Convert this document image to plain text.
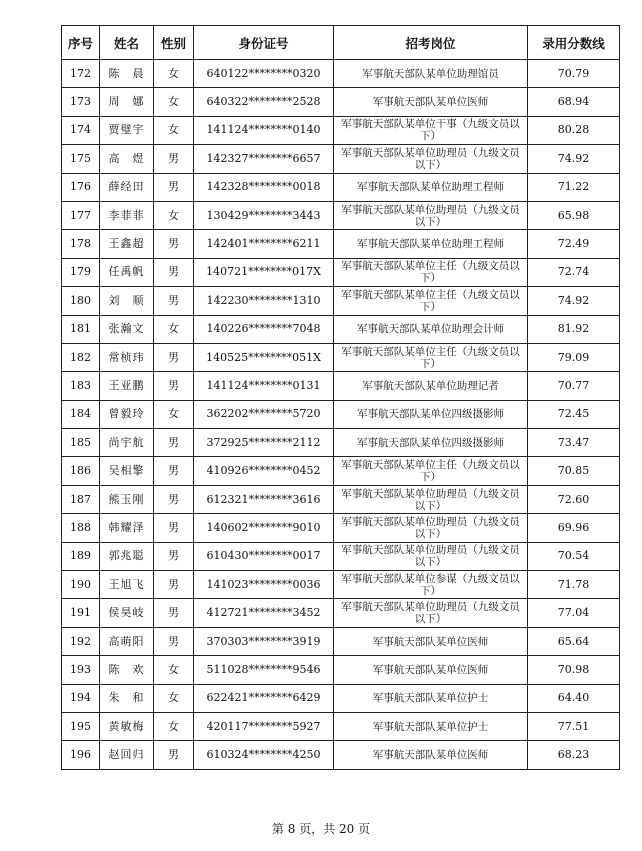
序号	姓名	性别	身份证号	招考岗位	录用分数线
172	陈　晨	女	640122********0320	军事航天部队某单位助理馆员	70.79
173	周　娜	女	640322********2528	军事航天部队某单位医师	68.94
174	贾璧宇	女	141124********0140	军事航天部队某单位干事（九级文员以下）	80.28
175	高　煜	男	142327********6657	军事航天部队某单位助理员（九级文员以下）	74.92
176	薛经田	男	142328********0018	军事航天部队某单位助理工程师	71.22
177	李菲菲	女	130429********3443	军事航天部队某单位助理员（九级文员以下）	65.98
178	王鑫超	男	142401********6211	军事航天部队某单位助理工程师	72.49
179	任禹帆	男	140721********017X	军事航天部队某单位主任（九级文员以下）	72.74
180	刘　顺	男	142230********1310	军事航天部队某单位主任（九级文员以下）	74.92
181	张瀚文	女	140226********7048	军事航天部队某单位助理会计师	81.92
182	常桢玮	男	140525********051X	军事航天部队某单位主任（九级文员以下）	79.09
183	王亚鹏	男	141124********0131	军事航天部队某单位助理记者	70.77
184	曾毅玲	女	362202********5720	军事航天部队某单位四级摄影师	72.45
185	尚宇航	男	372925********2112	军事航天部队某单位四级摄影师	73.47
186	吴相擎	男	410926********0452	军事航天部队某单位主任（九级文员以下）	70.85
187	熊玉刚	男	612321********3616	军事航天部队某单位助理员（九级文员以下）	72.60
188	韩耀泽	男	140602********9010	军事航天部队某单位助理员（九级文员以下）	69.96
189	郭兆聪	男	610430********0017	军事航天部队某单位助理员（九级文员以下）	70.54
190	王旭飞	男	141023********0036	军事航天部队某单位参谋（九级文员以下）	71.78
191	侯昊岐	男	412721********3452	军事航天部队某单位助理员（九级文员以下）	77.04
192	高萌阳	男	370303********3919	军事航天部队某单位医师	65.64
193	陈　欢	女	511028********9546	军事航天部队某单位医师	70.98
194	朱　和	女	622421********6429	军事航天部队某单位护士	64.40
195	黄敏梅	女	420117********5927	军事航天部队某单位护士	77.51
196	赵回归	男	610324********4250	军事航天部队某单位医师	68.23
第 8 页，共 20 页
